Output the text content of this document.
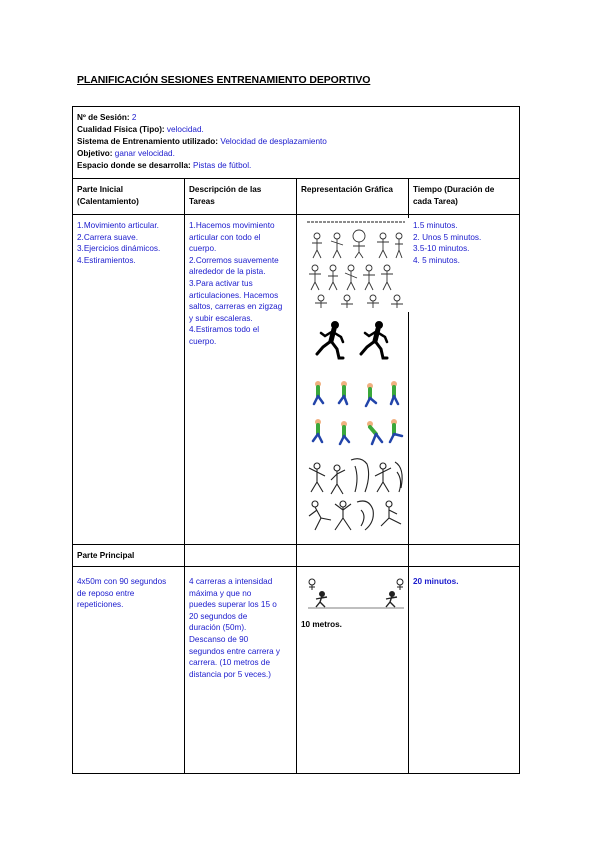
PLANIFICACIÓN SESIONES ENTRENAMIENTO DEPORTIVO
Nº de Sesión: 2
Cualidad Física (Tipo): velocidad.
Sistema de Entrenamiento utilizado: Velocidad de desplazamiento
Objetivo: ganar velocidad.
Espacio donde se desarrolla: Pistas de fútbol.
Parte Inicial
(Calentamiento)
Descripción de las
Tareas
Representación Gráfica Tiempo (Duración de
cada Tarea)
1.Movimiento articular.
2.Carrera suave.
3.Ejercicios dinámicos.
4.Estiramientos.
1.Hacemos movimiento
articular con todo el
cuerpo.
2.Corremos suavemente
alrededor de la pista.
3.Para activar tus
articulaciones. Hacemos
saltos, carreras en zigzag
y subir escaleras.
4.Estiramos todo el
cuerpo.
1.5 minutos.
2. Unos 5 minutos.
3.5-10 minutos.
4. 5 minutos.
Parte Principal
4x50m con 90 segundos
de reposo entre
repeticiones.
4 carreras a intensidad
máxima y que no
puedes superar los 15 o
20 segundos de
duración (50m).
Descanso de 90
segundos entre carrera y
carrera. (10 metros de
distancia por 5 veces.)
10 metros.
20 minutos.
